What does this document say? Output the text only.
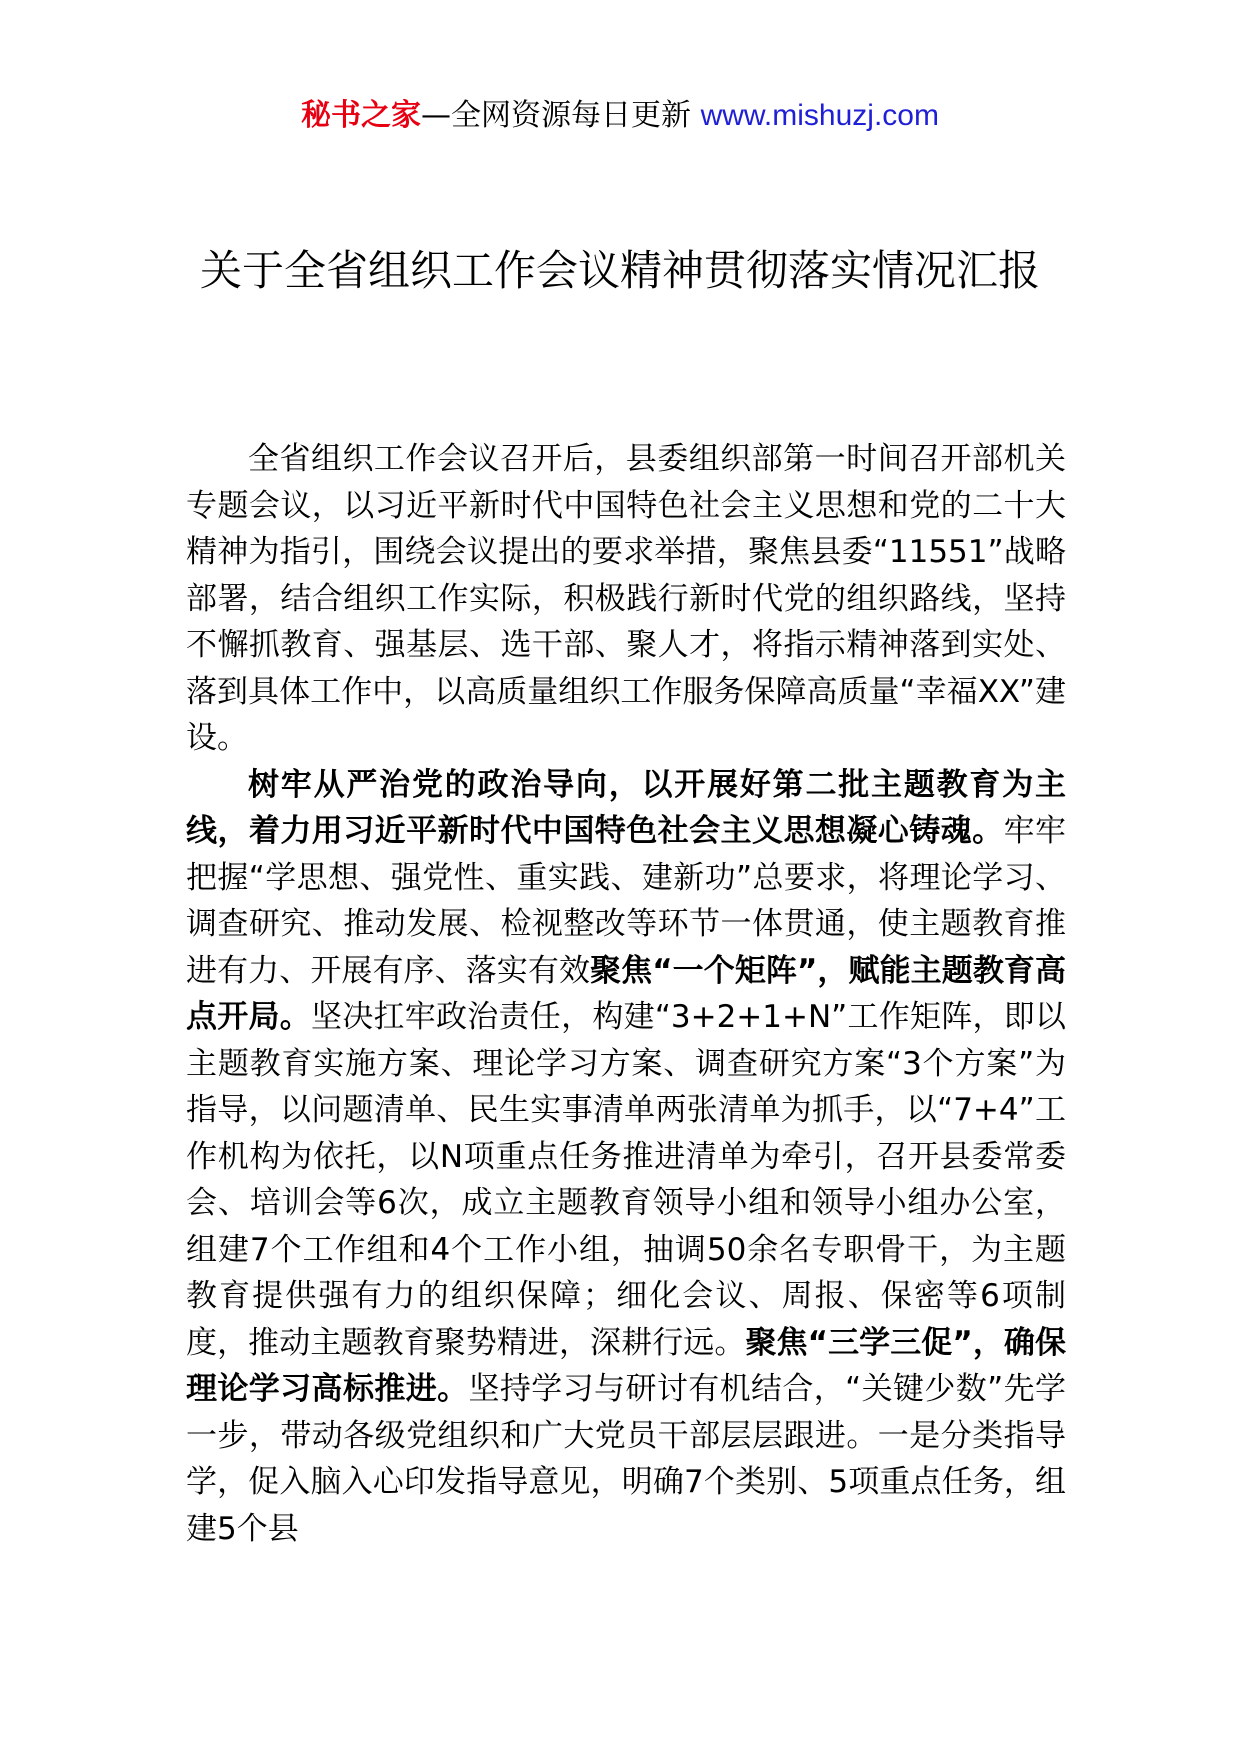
秘书之家—全网资源每日更新 www.mishuzj.com
关于全省组织工作会议精神贯彻落实情况汇报

全省组织工作会议召开后，县委组织部第一时间召开部机关专题会议，以习近平新时代中国特色社会主义思想和党的二十大精神为指引，围绕会议提出的要求举措，聚焦县委“11551”战略部署，结合组织工作实际，积极践行新时代党的组织路线，坚持不懈抓教育、强基层、选干部、聚人才，将指示精神落到实处、落到具体工作中，以高质量组织工作服务保障高质量“幸福XX”建设。

树牢从严治党的政治导向，以开展好第二批主题教育为主线，着力用习近平新时代中国特色社会主义思想凝心铸魂。牢牢把握“学思想、强党性、重实践、建新功”总要求，将理论学习、调查研究、推动发展、检视整改等环节一体贯通，使主题教育推进有力、开展有序、落实有效聚焦“一个矩阵”，赋能主题教育高点开局。坚决扛牢政治责任，构建“3+2+1+N”工作矩阵，即以主题教育实施方案、理论学习方案、调查研究方案“3个方案”为指导，以问题清单、民生实事清单两张清单为抓手，以“7+4”工作机构为依托，以N项重点任务推进清单为牵引，召开县委常委会、培训会等6次，成立主题教育领导小组和领导小组办公室，组建7个工作组和4个工作小组，抽调50余名专职骨干，为主题教育提供强有力的组织保障；细化会议、周报、保密等6项制度，推动主题教育聚势精进，深耕行远。聚焦“三学三促”，确保理论学习高标推进。坚持学习与研讨有机结合，“关键少数”先学一步，带动各级党组织和广大党员干部层层跟进。一是分类指导学，促入脑入心印发指导意见，明确7个类别、5项重点任务，组建5个县
